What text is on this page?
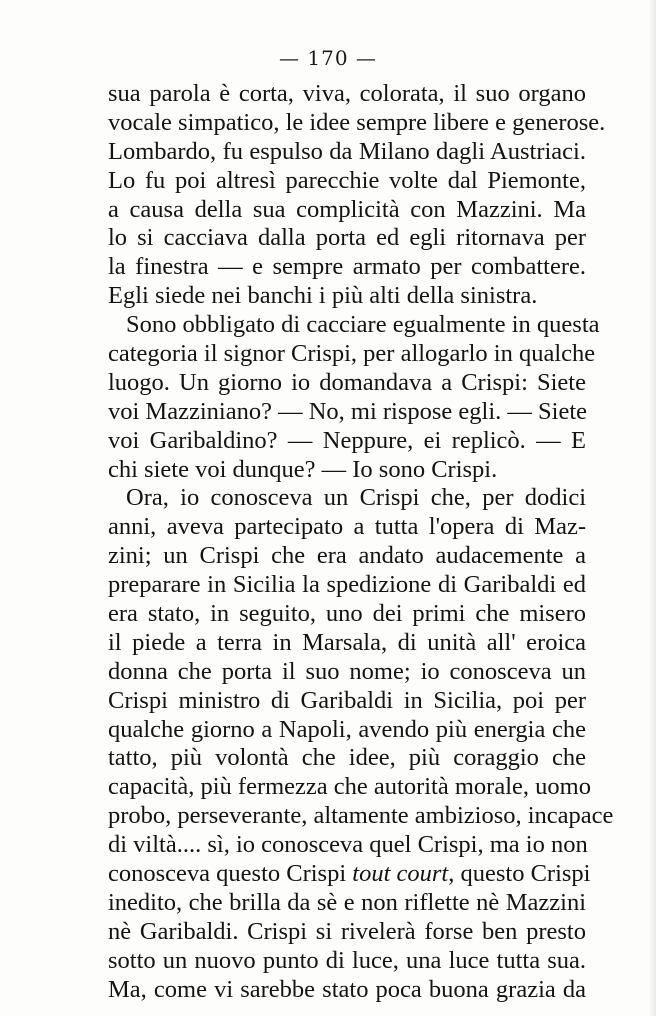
— 170 —
sua parola è corta, viva, colorata, il suo organo
vocale simpatico, le idee sempre libere e generose.
Lombardo, fu espulso da Milano dagli Austriaci.
Lo fu poi altresì parecchie volte dal Piemonte,
a causa della sua complicità con Mazzini. Ma
lo si cacciava dalla porta ed egli ritornava per
la finestra — e sempre armato per combattere.
Egli siede nei banchi i più alti della sinistra.
Sono obbligato di cacciare egualmente in questa
categoria il signor Crispi, per allogarlo in qualche
luogo. Un giorno io domandava a Crispi: Siete
voi Mazziniano? — No, mi rispose egli. — Siete
voi Garibaldino? — Neppure, ei replicò. — E
chi siete voi dunque? — Io sono Crispi.
Ora, io conosceva un Crispi che, per dodici
anni, aveva partecipato a tutta l'opera di Maz-
zini; un Crispi che era andato audacemente a
preparare in Sicilia la spedizione di Garibaldi ed
era stato, in seguito, uno dei primi che misero
il piede a terra in Marsala, di unità all' eroica
donna che porta il suo nome; io conosceva un
Crispi ministro di Garibaldi in Sicilia, poi per
qualche giorno a Napoli, avendo più energia che
tatto, più volontà che idee, più coraggio che
capacità, più fermezza che autorità morale, uomo
probo, perseverante, altamente ambizioso, incapace
di viltà.... sì, io conosceva quel Crispi, ma io non
conosceva questo Crispi tout court, questo Crispi
inedito, che brilla da sè e non riflette nè Mazzini
nè Garibaldi. Crispi si rivelerà forse ben presto
sotto un nuovo punto di luce, una luce tutta sua.
Ma, come vi sarebbe stato poca buona grazia da
